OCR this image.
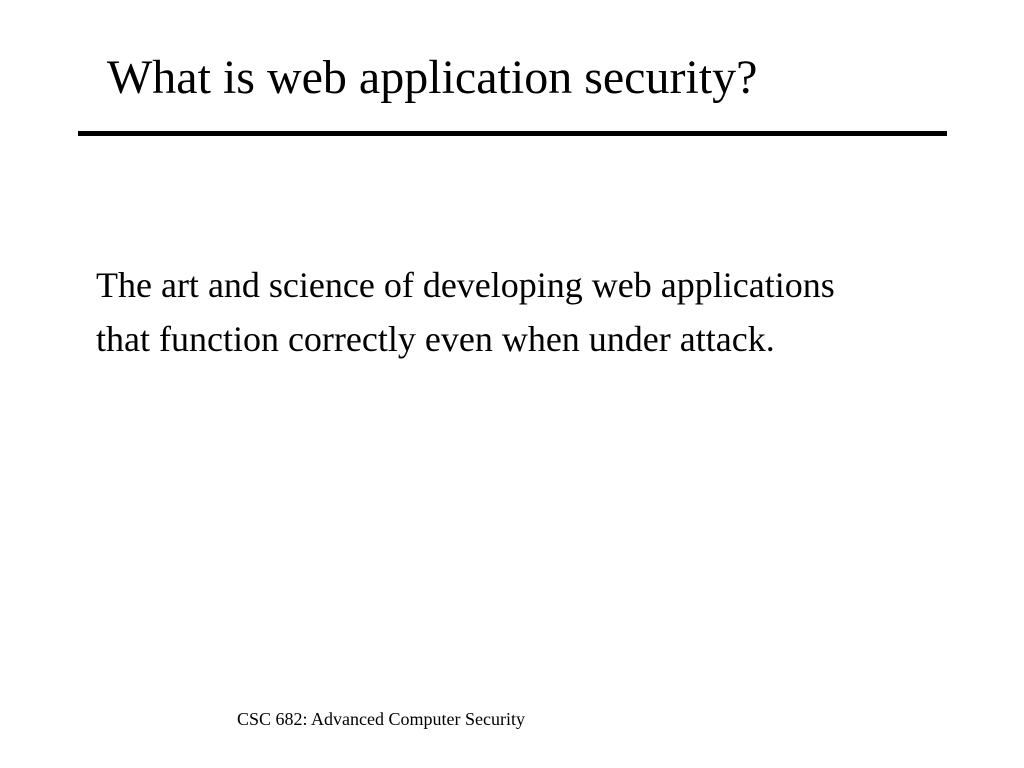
What is web application security?

The art and science of developing web applications that function correctly even when under attack.

CSC 682: Advanced Computer Security
